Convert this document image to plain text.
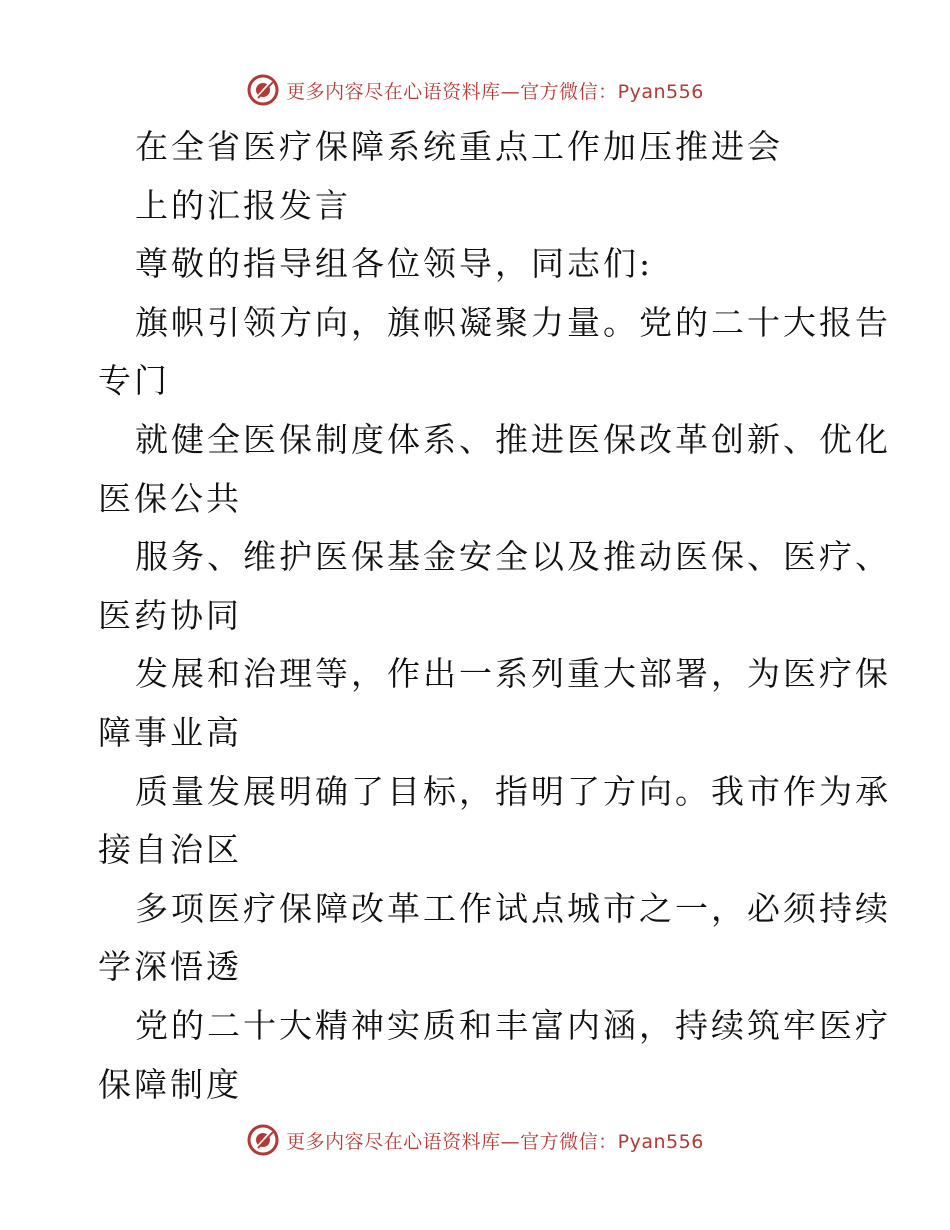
更多内容尽在心语资料库—官方微信：Pyan556
在全省医疗保障系统重点工作加压推进会
上的汇报发言
尊敬的指导组各位领导，同志们:
旗帜引领方向，旗帜凝聚力量。党的二十大报告
专门
就健全医保制度体系、推进医保改革创新、优化
医保公共
服务、维护医保基金安全以及推动医保、医疗、
医药协同
发展和治理等，作出一系列重大部署，为医疗保
障事业高
质量发展明确了目标，指明了方向。我市作为承
接自治区
多项医疗保障改革工作试点城市之一，必须持续
学深悟透
党的二十大精神实质和丰富内涵，持续筑牢医疗
保障制度
更多内容尽在心语资料库—官方微信：Pyan556
